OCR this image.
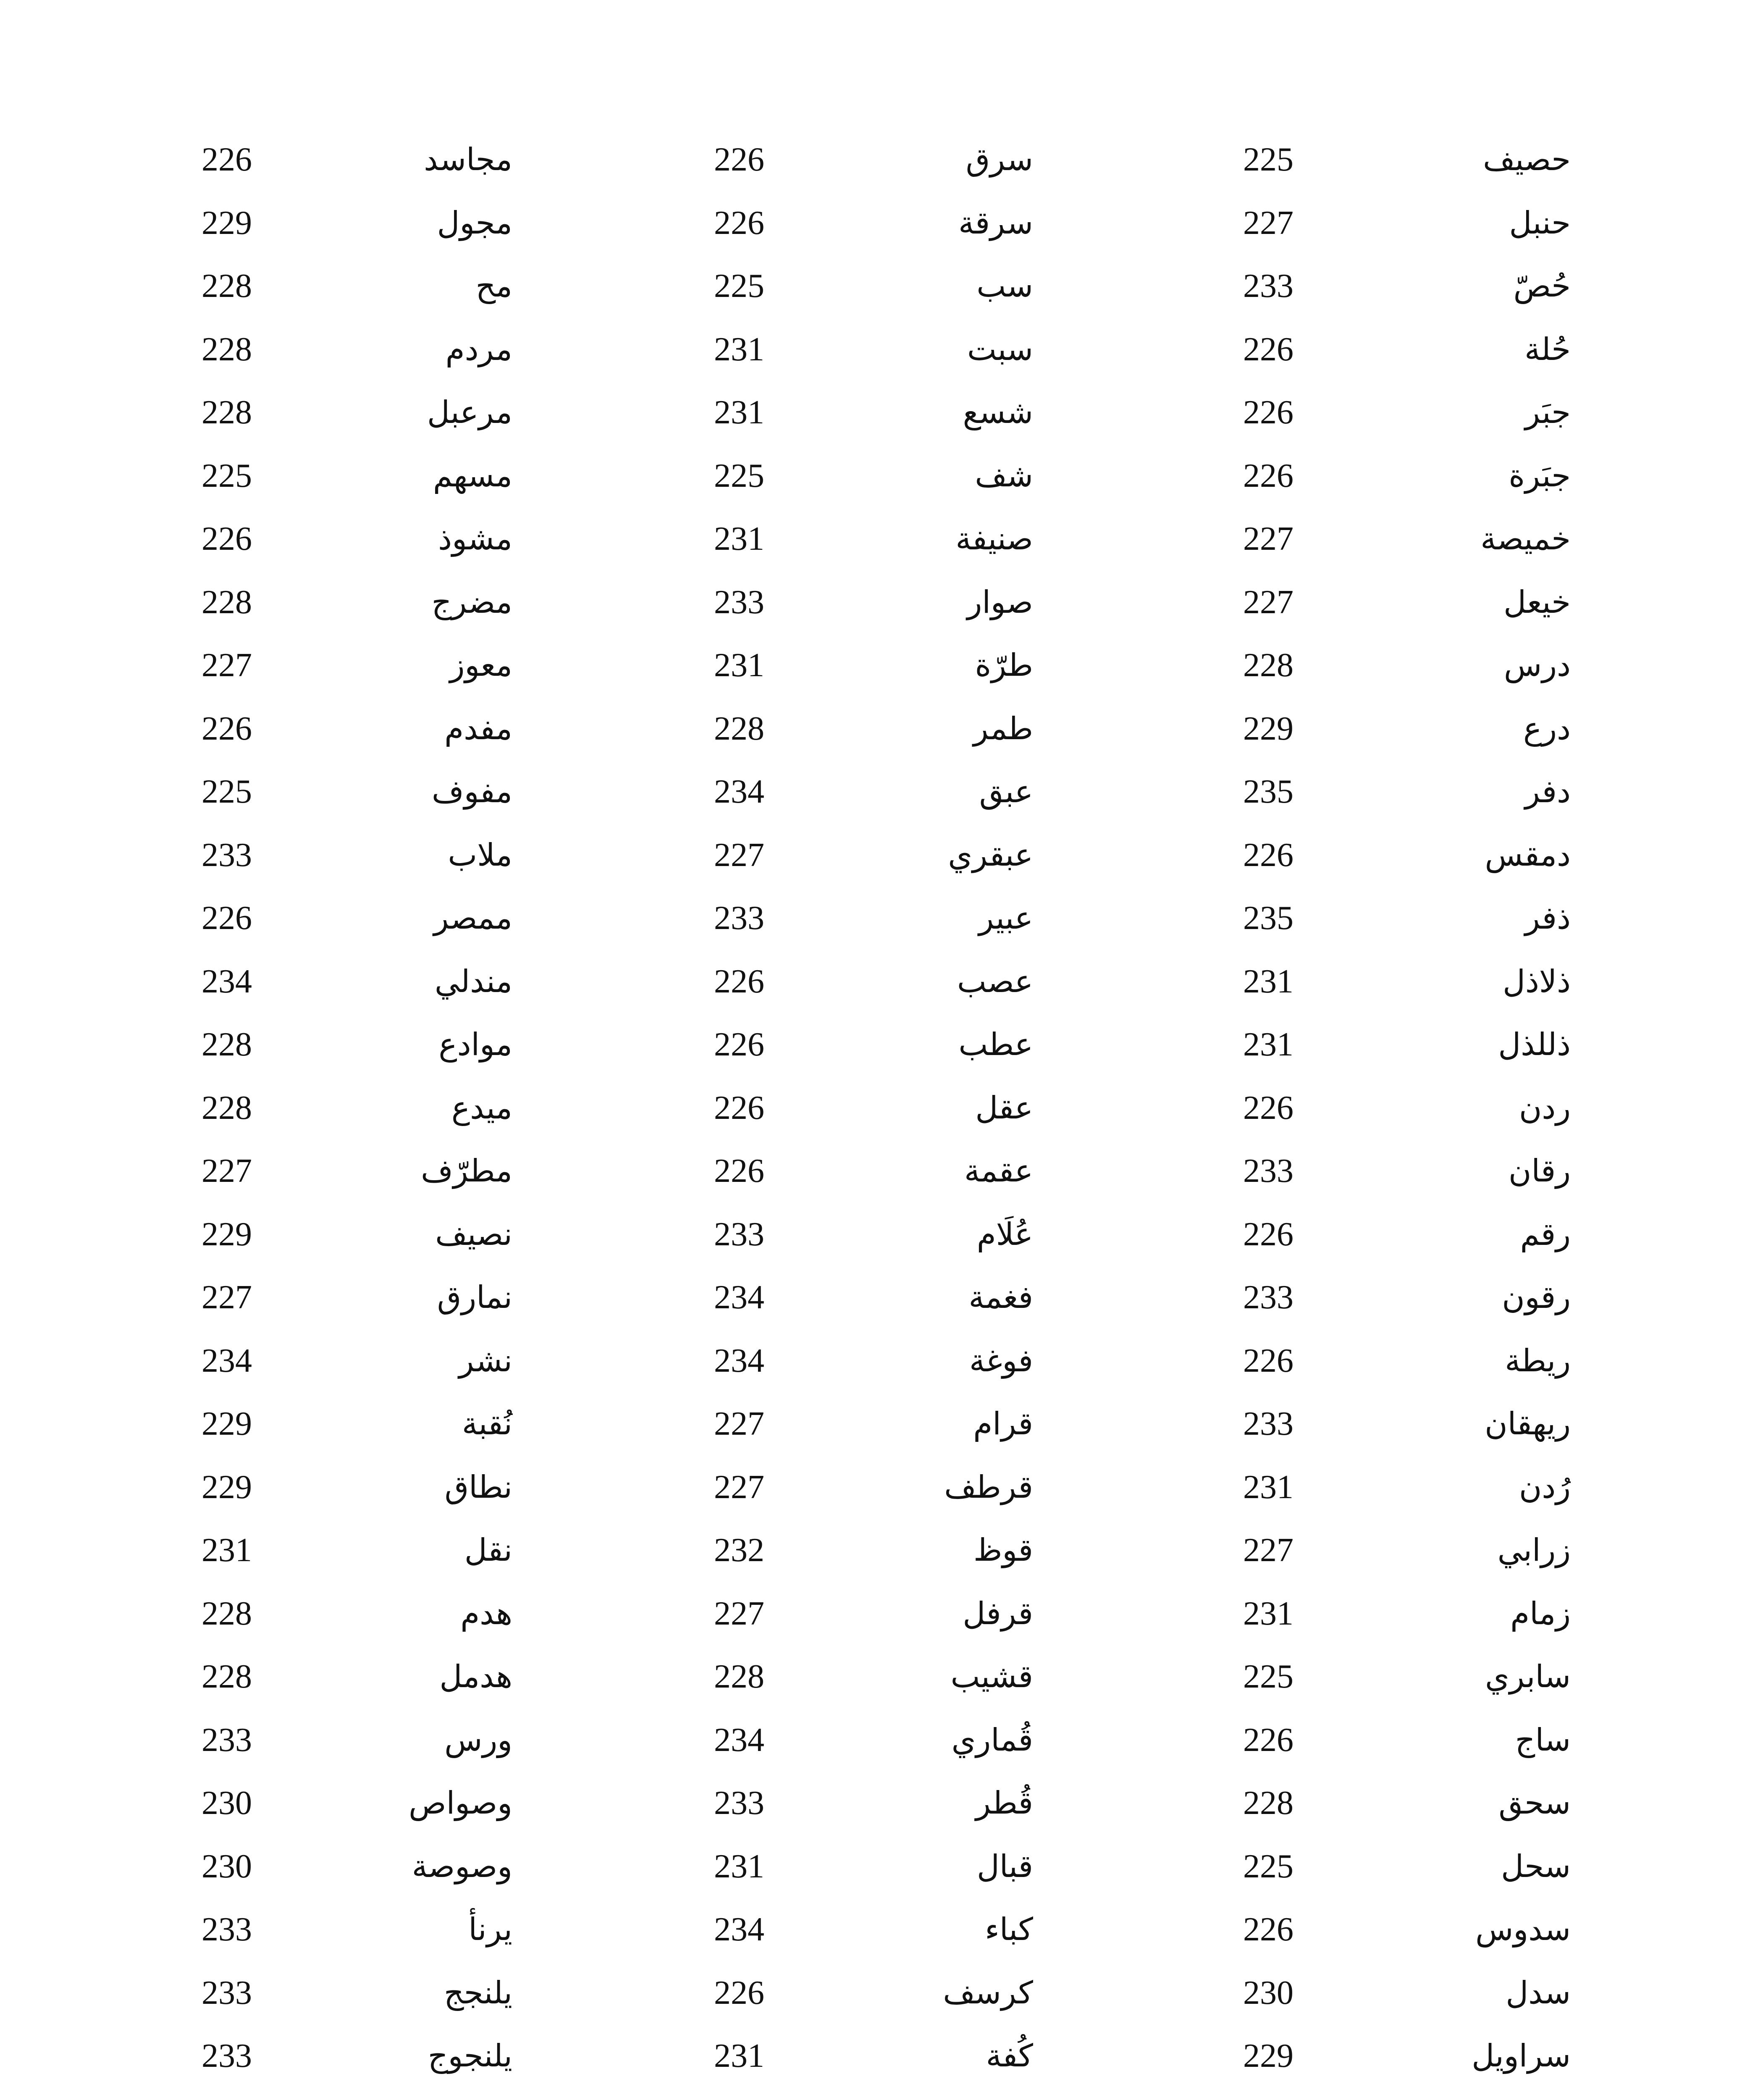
حصيف
225
حنبل
227
حُصّ
233
حُلة
226
جبَر
226
جبَرة
226
خميصة
227
خيعل
227
درس
228
درع
229
دفر
235
دمقس
226
ذفر
235
ذلاذل
231
ذللذل
231
ردن
226
رقان
233
رقم
226
رقون
233
ريطة
226
ريهقان
233
رُدن
231
زرابي
227
زمام
231
سابري
225
ساج
226
سحق
228
سحل
225
سدوس
226
سدل
230
سراويل
229
سرق
226
سرقة
226
سب
225
سبت
231
شسع
231
شف
225
صنيفة
231
صوار
233
طرّة
231
طمر
228
عبق
234
عبقري
227
عبير
233
عصب
226
عطب
226
عقل
226
عقمة
226
عُلَام
233
فغمة
234
فوغة
234
قرام
227
قرطف
227
قوظ
232
قرفل
227
قشيب
228
قُماري
234
قُطر
233
قبال
231
كباء
234
كرسف
226
كُفة
231
مجاسد
226
مجول
229
مح
228
مردم
228
مرعبل
228
مسهم
225
مشوذ
226
مضرج
228
معوز
227
مفدم
226
مفوف
225
ملاب
233
ممصر
226
مندلي
234
موادع
228
ميدع
228
مطرّف
227
نصيف
229
نمارق
227
نشر
234
نُقبة
229
نطاق
229
نقل
231
هدم
228
هدمل
228
ورس
233
وصواص
230
وصوصة
230
يرنأ
233
يلنجج
233
يلنجوج
233
